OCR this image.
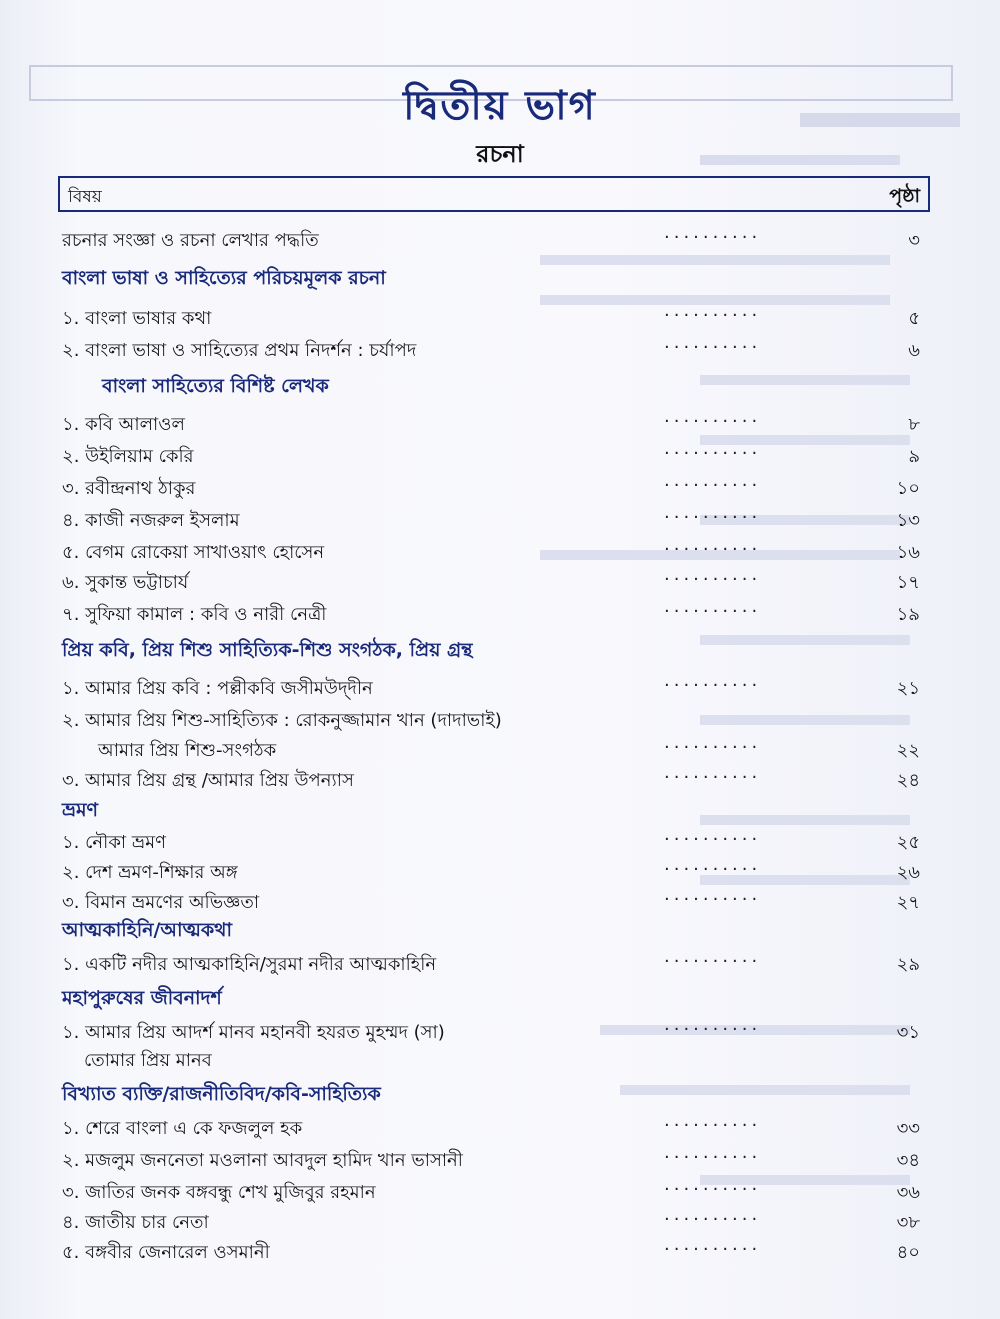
দ্বিতীয় ভাগ
রচনা
বিষয়	পৃষ্ঠা
রচনার সংজ্ঞা ও রচনা লেখার পদ্ধতি	..........	৩
বাংলা ভাষা ও সাহিত্যের পরিচয়মূলক রচনা
১. বাংলা ভাষার কথা	..........	৫
২. বাংলা ভাষা ও সাহিত্যের প্রথম নিদর্শন : চর্যাপদ	..........	৬
বাংলা সাহিত্যের বিশিষ্ট লেখক
১. কবি আলাওল	..........	৮
২. উইলিয়াম কেরি	..........	৯
৩. রবীন্দ্রনাথ ঠাকুর	..........	১০
৪. কাজী নজরুল ইসলাম	..........	১৩
৫. বেগম রোকেয়া সাখাওয়াৎ হোসেন	..........	১৬
৬. সুকান্ত ভট্টাচার্য	..........	১৭
৭. সুফিয়া কামাল : কবি ও নারী নেত্রী	..........	১৯
প্রিয় কবি, প্রিয় শিশু সাহিত্যিক-শিশু সংগঠক, প্রিয় গ্রন্থ
১. আমার প্রিয় কবি : পল্লীকবি জসীমউদ্‌দীন	..........	২১
২. আমার প্রিয় শিশু-সাহিত্যিক : রোকনুজ্জামান খান (দাদাভাই)
আমার প্রিয় শিশু-সংগঠক	..........	২২
৩. আমার প্রিয় গ্রন্থ /আমার প্রিয় উপন্যাস	..........	২৪
ভ্রমণ
১. নৌকা ভ্রমণ	..........	২৫
২. দেশ ভ্রমণ-শিক্ষার অঙ্গ	..........	২৬
৩. বিমান ভ্রমণের অভিজ্ঞতা	..........	২৭
আত্মকাহিনি/আত্মকথা
১. একটি নদীর আত্মকাহিনি/সুরমা নদীর আত্মকাহিনি	..........	২৯
মহাপুরুষের জীবনাদর্শ
১. আমার প্রিয় আদর্শ মানব মহানবী হযরত মুহম্মদ (সা)	..........	৩১
তোমার প্রিয় মানব
বিখ্যাত ব্যক্তি/রাজনীতিবিদ/কবি-সাহিত্যিক
১. শেরে বাংলা এ কে ফজলুল হক	..........	৩৩
২. মজলুম জননেতা মওলানা আবদুল হামিদ খান ভাসানী	..........	৩৪
৩. জাতির জনক বঙ্গবন্ধু শেখ মুজিবুর রহমান	..........	৩৬
৪. জাতীয় চার নেতা	..........	৩৮
৫. বঙ্গবীর জেনারেল ওসমানী	..........	৪০
